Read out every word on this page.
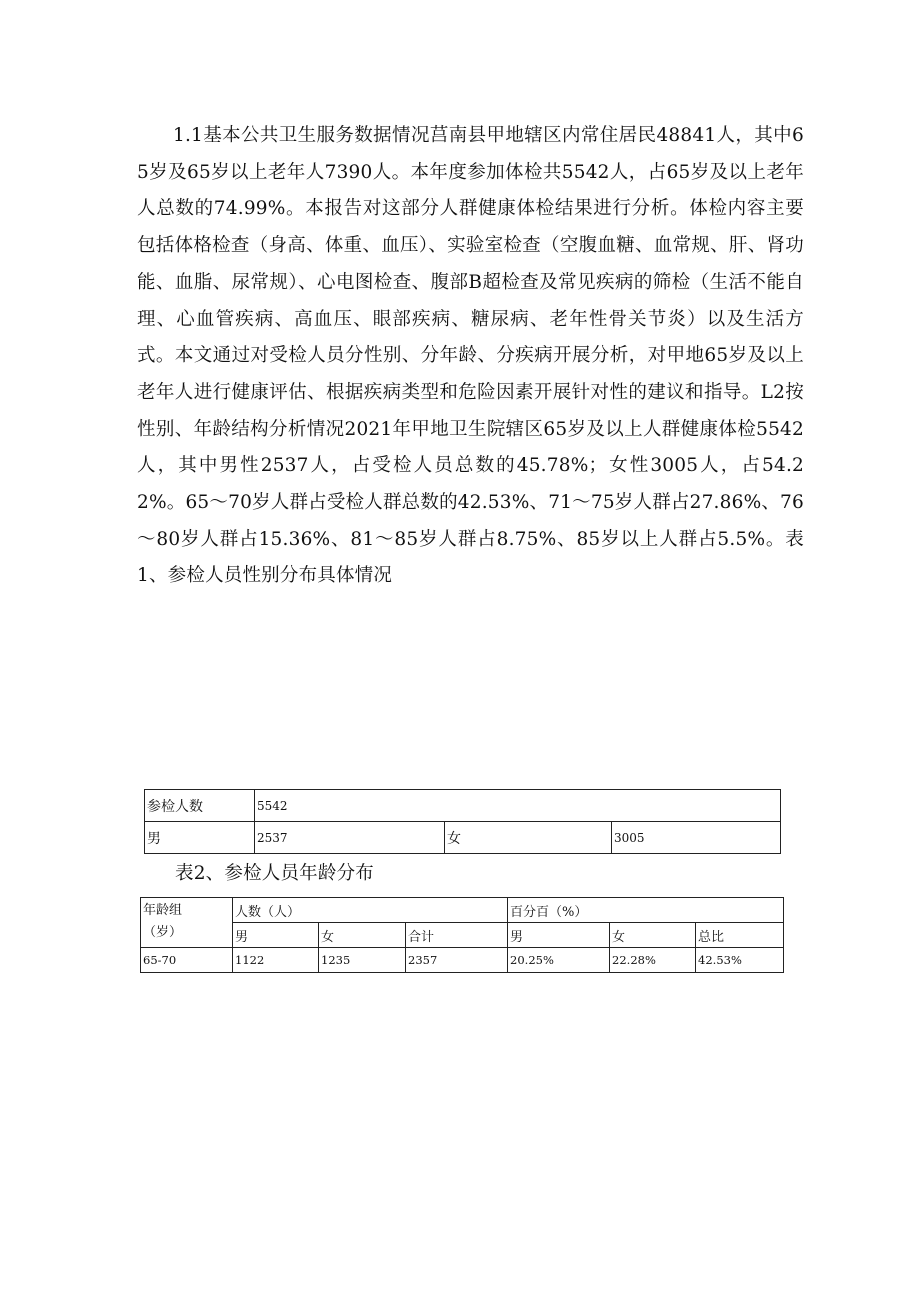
1.1基本公共卫生服务数据情况莒南县甲地辖区内常住居民48841人，其中65岁及65岁以上老年人7390人。本年度参加体检共5542人，占65岁及以上老年人总数的74.99%。本报告对这部分人群健康体检结果进行分析。体检内容主要包括体格检查（身高、体重、血压）、实验室检查（空腹血糖、血常规、肝、肾功能、血脂、尿常规）、心电图检查、腹部B超检查及常见疾病的筛检（生活不能自理、心血管疾病、高血压、眼部疾病、糖尿病、老年性骨关节炎）以及生活方式。本文通过对受检人员分性别、分年龄、分疾病开展分析，对甲地65岁及以上老年人进行健康评估、根据疾病类型和危险因素开展针对性的建议和指导。L2按性别、年龄结构分析情况2021年甲地卫生院辖区65岁及以上人群健康体检5542人，其中男性2537人，占受检人员总数的45.78%；女性3005人，占54.22%。65～70岁人群占受检人群总数的42.53%、71～75岁人群占27.86%、76～80岁人群占15.36%、81～85岁人群占8.75%、85岁以上人群占5.5%。表1、参检人员性别分布具体情况

参检人数	5542		
男	2537	女	3005
表2、参检人员年龄分布
年龄组
（岁）	人数（人）			百分百（%）		
	男	女	合计	男	女	总比
65-70	1122	1235	2357	20.25%	22.28%	42.53%
